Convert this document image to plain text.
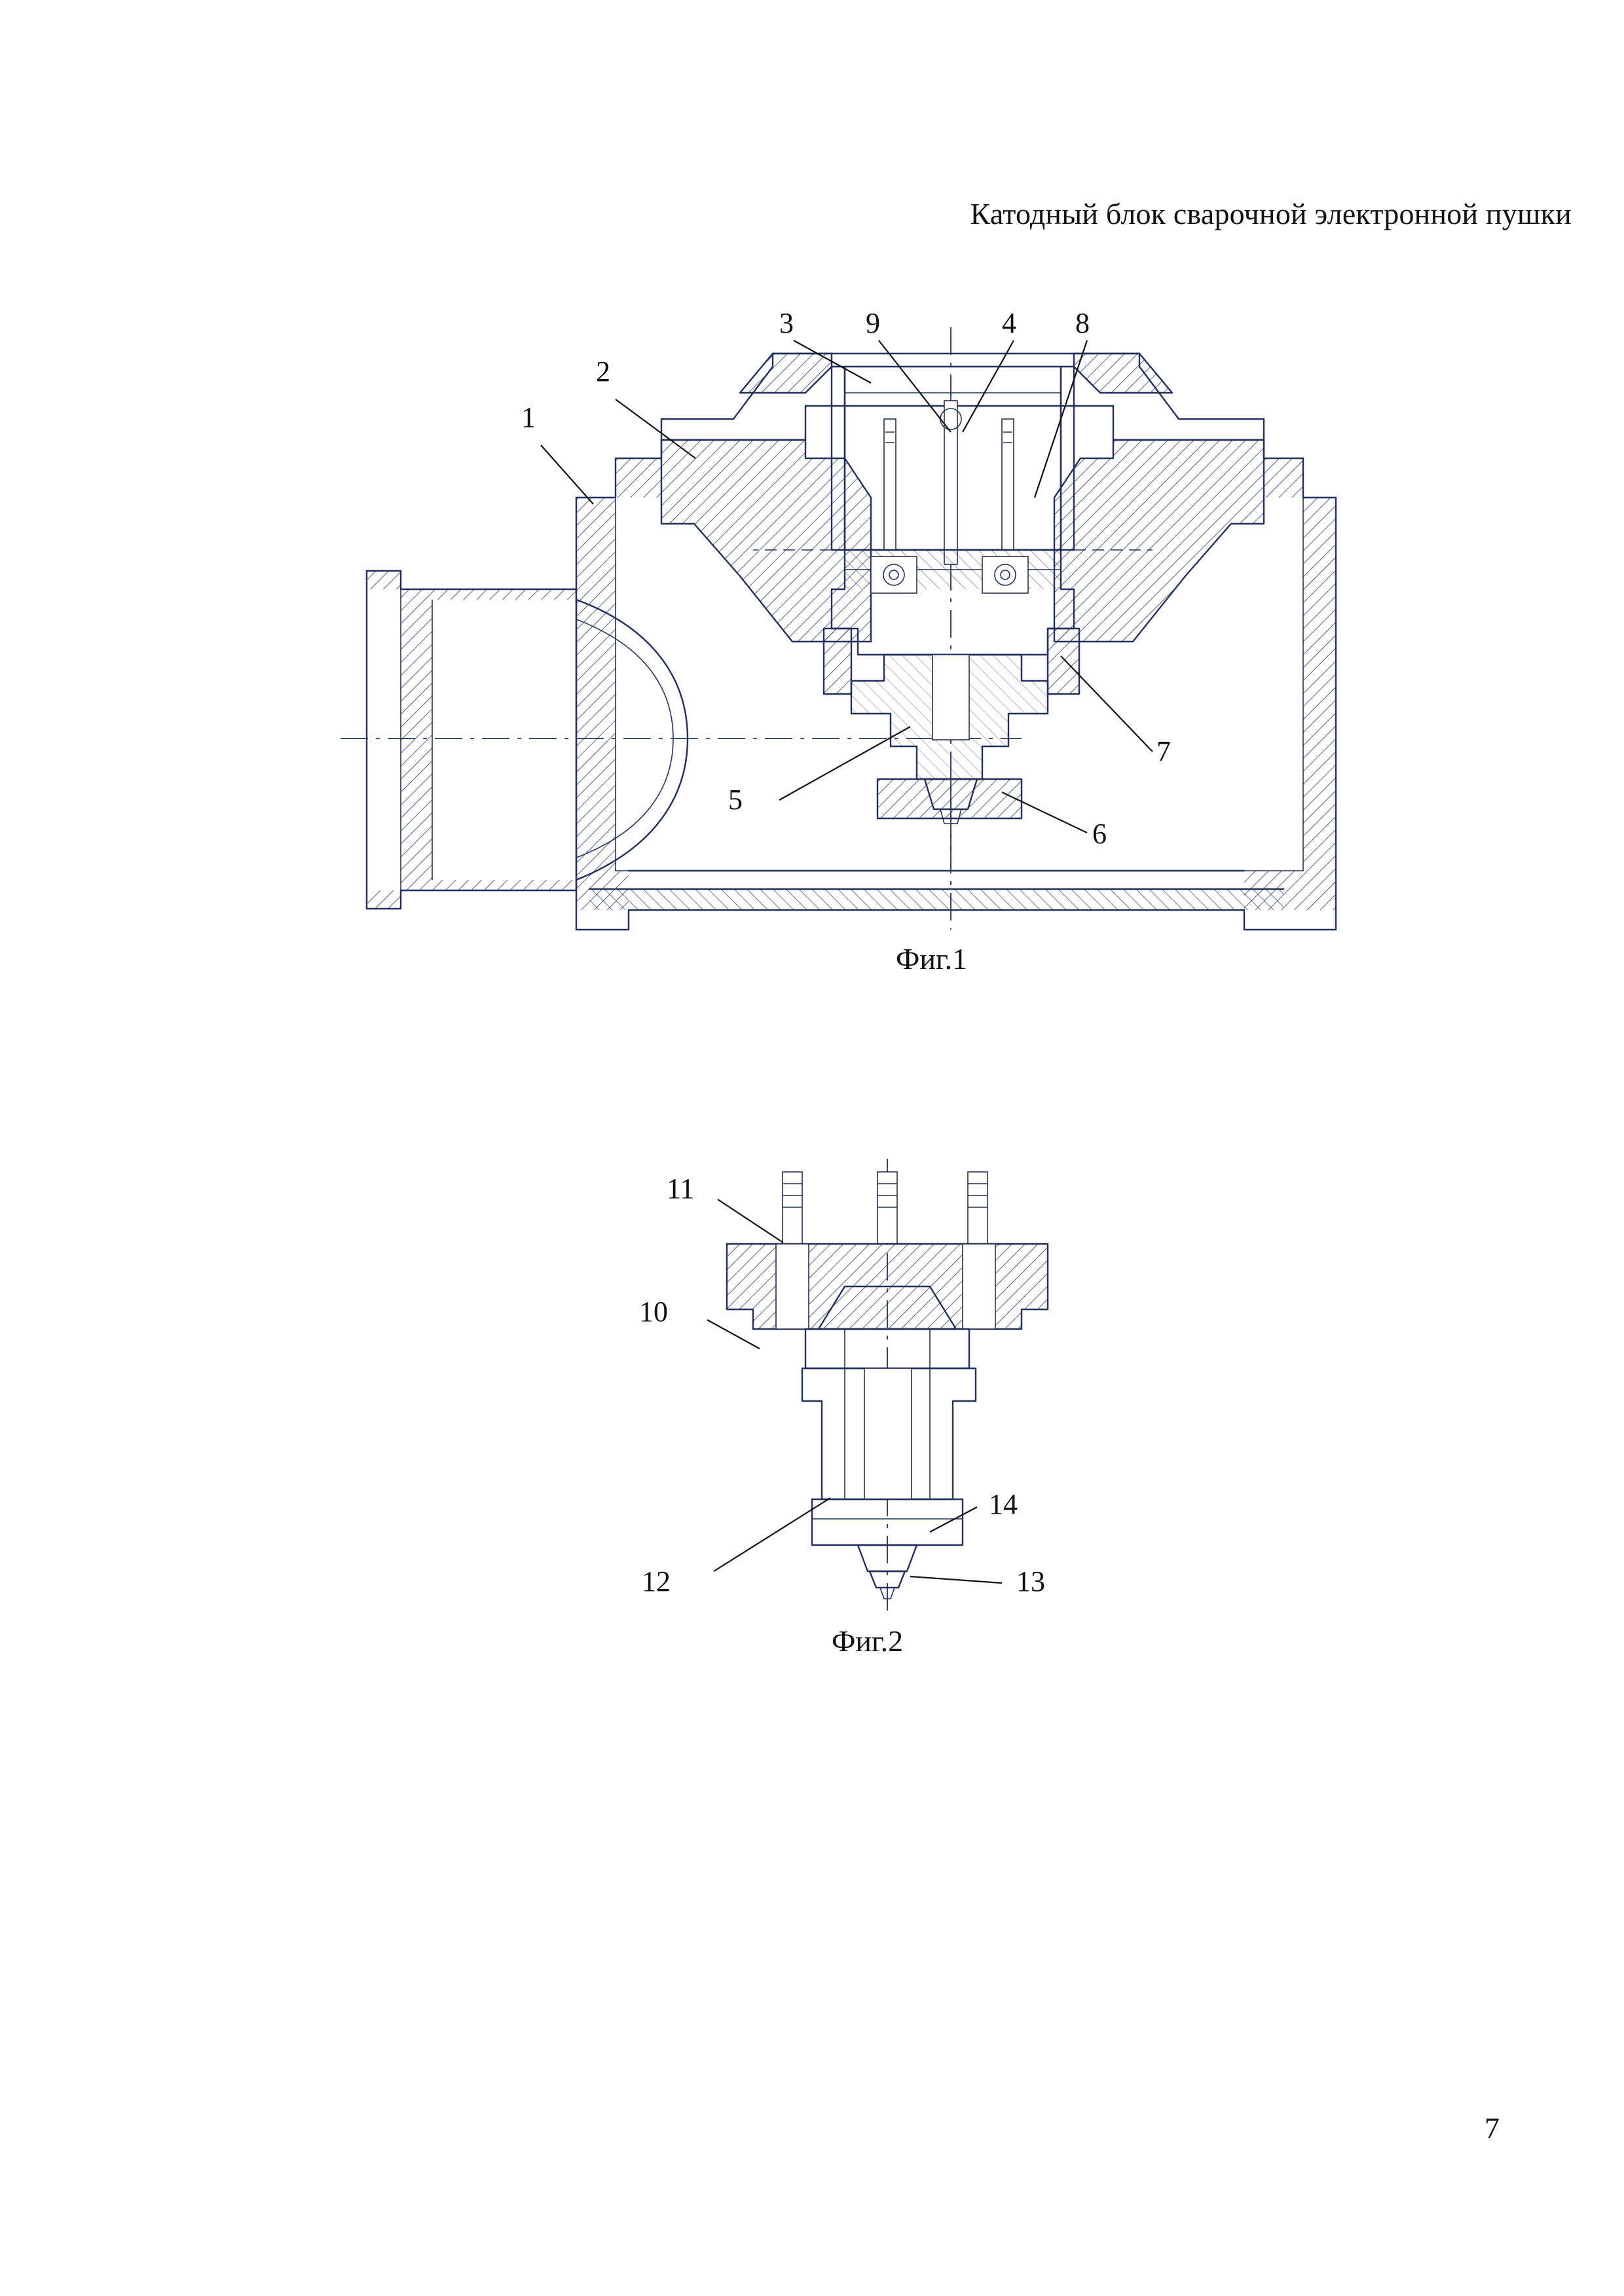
Катодный блок сварочной электронной пушки
1
2
3	9	4 8
7
5
6
Фиг.1
11
10
12
14
13
Фиг.2
7
